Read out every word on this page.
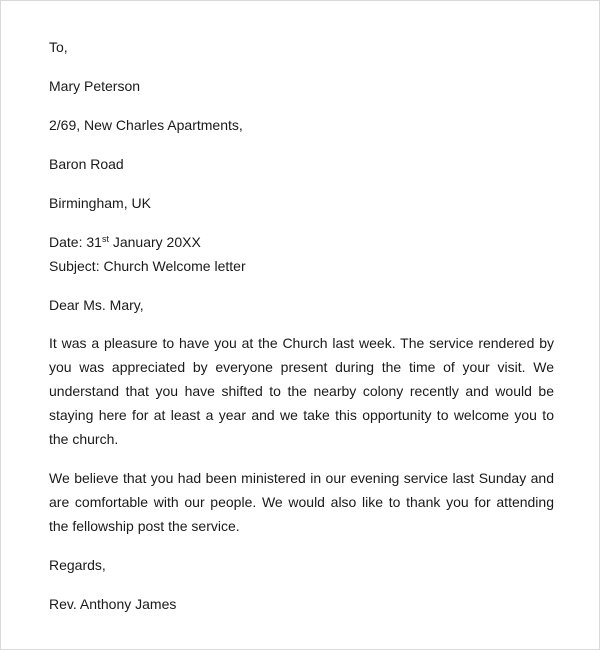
To,
Mary Peterson
2/69, New Charles Apartments,
Baron Road
Birmingham, UK
Date: 31st January 20XX
Subject: Church Welcome letter
Dear Ms. Mary,
It was a pleasure to have you at the Church last week. The service rendered by
you was appreciated by everyone present during the time of your visit. We
understand that you have shifted to the nearby colony recently and would be
staying here for at least a year and we take this opportunity to welcome you to
the church.
We believe that you had been ministered in our evening service last Sunday and
are comfortable with our people. We would also like to thank you for attending
the fellowship post the service.
Regards,
Rev. Anthony James
